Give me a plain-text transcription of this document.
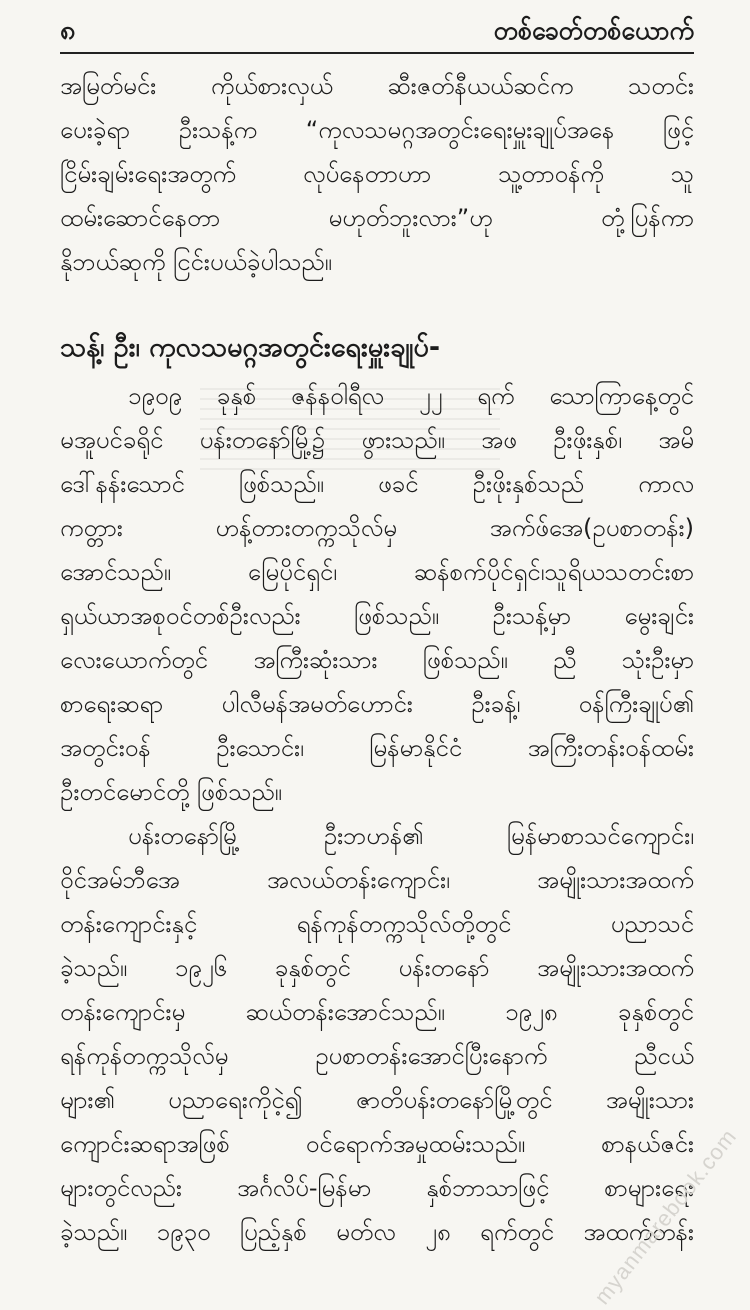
၈	တစ်ခေတ်တစ်ယောက်
အမြတ်မင်း ကိုယ်စားလှယ် ဆီးဇတ်နီယယ်ဆင်က သတင်း
ပေးခဲ့ရာ ဦးသန့်က “ကုလသမဂ္ဂအတွင်းရေးမှူးချုပ်အနေ ဖြင့်
ငြိမ်းချမ်းရေးအတွက် လုပ်နေတာဟာ သူ့တာဝန်ကို သူ
ထမ်းဆောင်နေတာ မဟုတ်ဘူးလား”ဟု တုံ့ပြန်ကာ
နိုဘယ်ဆုကို ငြင်းပယ်ခဲ့ပါသည်။
သန့်၊ ဦး၊ ကုလသမဂ္ဂအတွင်းရေးမှူးချုပ်-
၁၉၀၉ ခုနှစ် ဇန်နဝါရီလ ၂၂ ရက် သောကြာနေ့တွင်
မအူပင်ခရိုင် ပန်းတနော်မြို့၌ ဖွားသည်။ အဖ ဦးဖိုးနှစ်၊ အမိ
ဒေါ်နန်းသောင် ဖြစ်သည်။ ဖခင် ဦးဖိုးနှစ်သည် ကာလ
ကတ္တား ဟန့်တားတက္ကသိုလ်မှ အက်ဖ်အေ(ဥပစာတန်း)
အောင်သည်။ မြေပိုင်ရှင်၊ ဆန်စက်ပိုင်ရှင်၊သူရိယသတင်းစာ
ရှယ်ယာအစုဝင်တစ်ဦးလည်း ဖြစ်သည်။ ဦးသန့်မှာ မွေးချင်း
လေးယောက်တွင် အကြီးဆုံးသား ဖြစ်သည်။ ညီ သုံးဦးမှာ
စာရေးဆရာ ပါလီမန်အမတ်ဟောင်း ဦးခန့်၊ ဝန်ကြီးချုပ်၏
အတွင်းဝန် ဦးသောင်း၊ မြန်မာနိုင်ငံ အကြီးတန်းဝန်ထမ်း
ဦးတင်မောင်တို့ ဖြစ်သည်။
ပန်းတနော်မြို့ ဦးဘဟန်၏ မြန်မာစာသင်ကျောင်း၊
ဝိုင်အမ်ဘီအေ အလယ်တန်းကျောင်း၊ အမျိုးသားအထက်
တန်းကျောင်းနှင့် ရန်ကုန်တက္ကသိုလ်တို့တွင် ပညာသင်
ခဲ့သည်။ ၁၉၂၆ ခုနှစ်တွင် ပန်းတနော် အမျိုးသားအထက်
တန်းကျောင်းမှ ဆယ်တန်းအောင်သည်။ ၁၉၂၈ ခုနှစ်တွင်
ရန်ကုန်တက္ကသိုလ်မှ ဥပစာတန်းအောင်ပြီးနောက် ညီငယ်
များ၏ ပညာရေးကိုငဲ့၍ ဇာတိပန်းတနော်မြို့တွင် အမျိုးသား
ကျောင်းဆရာအဖြစ် ဝင်ရောက်အမှုထမ်းသည်။ စာနယ်ဇင်း
များတွင်လည်း အင်္ဂလိပ်-မြန်မာ နှစ်ဘာသာဖြင့် စာများရေး
ခဲ့သည်။ ၁၉၃၀ ပြည့်နှစ် မတ်လ ၂၈ ရက်တွင် အထက်တန်း
myanmarebook.com
